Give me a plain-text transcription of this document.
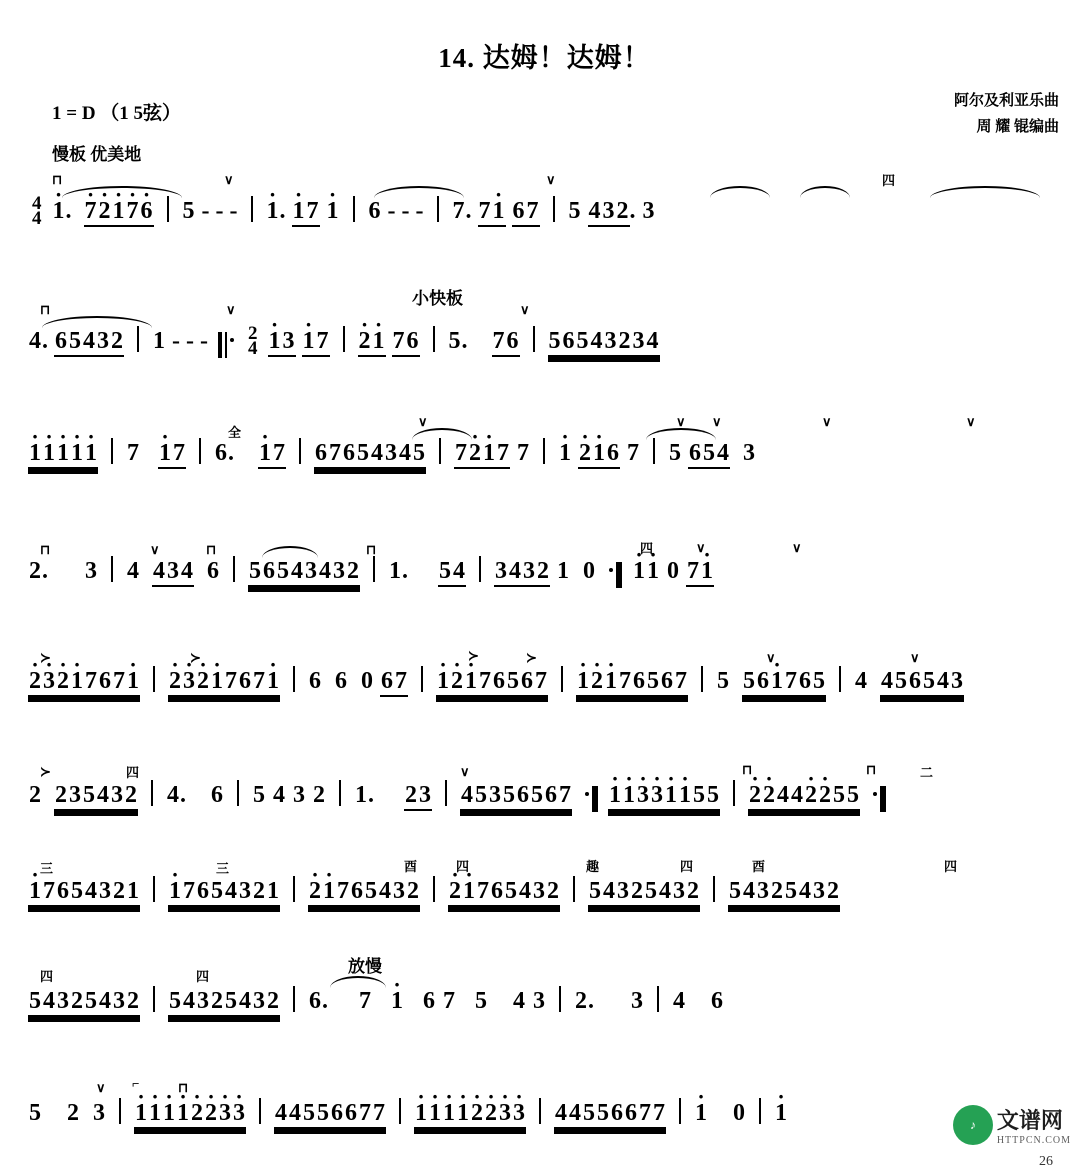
14. 达姆！达姆！
1 = D （1 5弦）
慢板 优美地
阿尔及利亚乐曲
周 耀 锟编曲
小快板
放慢
4
4 · 1. · 7· 2· 1· 7· 6 5 - - - · 1. · 17 · 1 6 - - - 7. 7· 1 67 5 432. 3
⊓	∨	∨	四
4. 65432 1 - - - 2
4 · 13 · 17 · 2· 1 76 5. 76 56543234
⊓	∨	∨
· 1· 1· 1· 1· 1 7 · 17 6. · 17 67654345 7· 2· 17 7 · 1 · 2· 16 7 5 654 3
全
∨	∨ ∨	∨	∨
2. 3 4 434 6 56543432 1. 54 3432 1 0 · 1· 1 0 7· 1
⊓	∨	⊓	⊓	四	∨	∨
· 2· 3· 2· 1767· 1 · 2· 3· 2· 1767· 1 6 6 0 67 · 1· 2· 176567 · 1· 2· 176567 5 56· 1765 4 456543
≻	≻	≻	≻	∨	∨
2 235432 4. 6 5 4 3 2 1. 23 45356567 · 1· 1· 3· 3· 1· 155 · 2· 244· 2· 255
≻	四	∨	⊓	⊓	二
· 17654321 · 17654321 · 2· 1765432 · 2· 1765432 54325432 54325432
三	三	酉	趣
四	四	酉	四
54325432 54325432 6. 7 · 1 6 7 5 4 3 2. 3 4 6
四	四
5 2 3 · 1· 1· 1· 1· 2· 2· 3· 3 44556677 · 1· 1· 1· 1· 2· 2· 3· 3 44556677 · 1 0 · 1
∨ ⌐	⊓
♪ 文谱网
HTTPCN.COM
26
